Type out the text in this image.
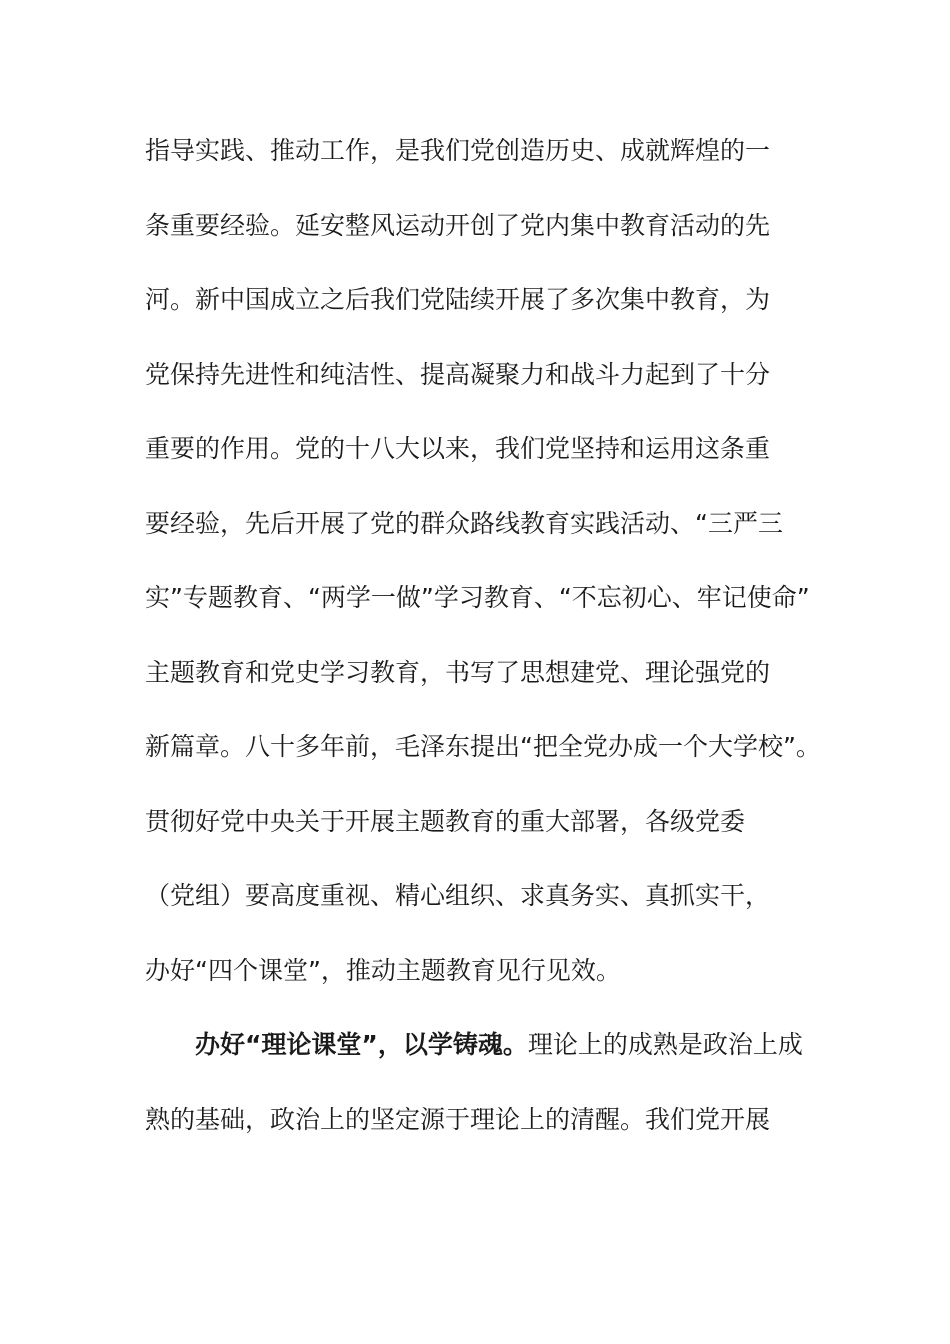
指导实践、推动工作，是我们党创造历史、成就辉煌的一
条重要经验。延安整风运动开创了党内集中教育活动的先
河。新中国成立之后我们党陆续开展了多次集中教育，为
党保持先进性和纯洁性、提高凝聚力和战斗力起到了十分
重要的作用。党的十八大以来，我们党坚持和运用这条重
要经验，先后开展了党的群众路线教育实践活动、“三严三
实”专题教育、“两学一做”学习教育、“不忘初心、牢记使命”
主题教育和党史学习教育，书写了思想建党、理论强党的
新篇章。八十多年前，毛泽东提出“把全党办成一个大学校”。
贯彻好党中央关于开展主题教育的重大部署，各级党委
（党组）要高度重视、精心组织、求真务实、真抓实干，
办好“四个课堂”，推动主题教育见行见效。
办好“理论课堂”，以学铸魂。理论上的成熟是政治上成
熟的基础，政治上的坚定源于理论上的清醒。我们党开展
